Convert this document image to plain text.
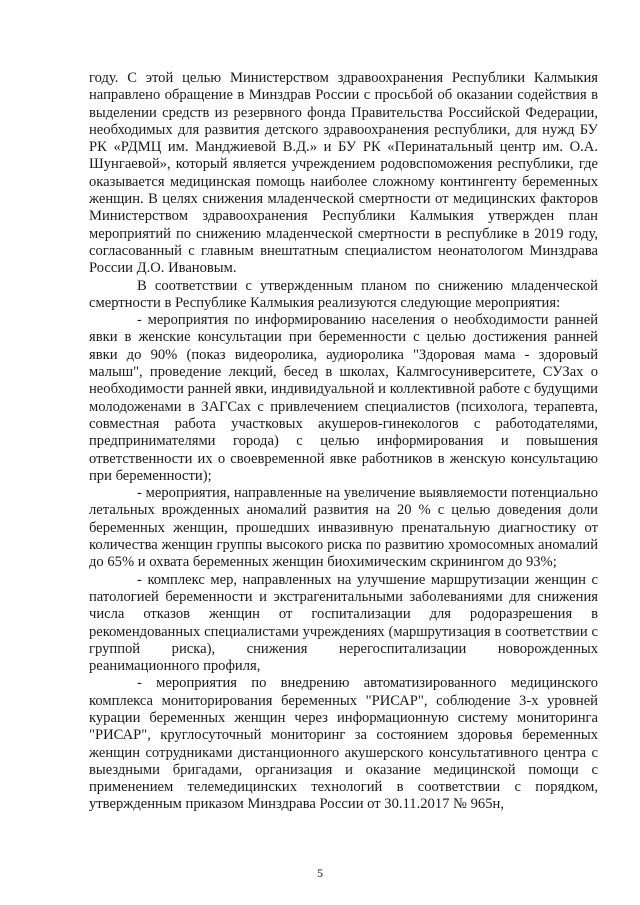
году. С этой целью Министерством здравоохранения Республики Калмыкия направлено обращение в Минздрав России с просьбой об оказании содействия в выделении средств из резервного фонда Правительства Российской Федерации, необходимых для развития детского здравоохранения республики, для нужд БУ РК «РДМЦ им. Манджиевой В.Д.» и БУ РК «Перинатальный центр им. О.А. Шунгаевой», который является учреждением родовспоможения республики, где оказывается медицинская помощь наиболее сложному контингенту беременных женщин. В целях снижения младенческой смертности от медицинских факторов Министерством здравоохранения Республики Калмыкия утвержден план мероприятий по снижению младенческой смертности в республике в 2019 году, согласованный с главным внештатным специалистом неонатологом Минздрава России Д.О. Ивановым.

В соответствии с утвержденным планом по снижению младенческой смертности в Республике Калмыкия реализуются следующие мероприятия:

- мероприятия по информированию населения о необходимости ранней явки в женские консультации при беременности с целью достижения ранней явки до 90% (показ видеоролика, аудиоролика "Здоровая мама - здоровый малыш", проведение лекций, бесед в школах, Калмгосуниверситете, СУЗах о необходимости ранней явки, индивидуальной и коллективной работе с будущими молодоженами в ЗАГСах с привлечением специалистов (психолога, терапевта, совместная работа участковых акушеров-гинекологов с работодателями, предпринимателями города) с целью информирования и повышения ответственности их о своевременной явке работников в женскую консультацию при беременности);

- мероприятия, направленные на увеличение выявляемости потенциально летальных врожденных аномалий развития на 20 % с целью доведения доли беременных женщин, прошедших инвазивную пренатальную диагностику от количества женщин группы высокого риска по развитию хромосомных аномалий до 65% и охвата беременных женщин биохимическим скринингом до 93%;

- комплекс мер, направленных на улучшение маршрутизации женщин с патологией беременности и экстрагенитальными заболеваниями для снижения числа отказов женщин от госпитализации для родоразрешения в рекомендованных специалистами учреждениях (маршрутизация в соответствии с группой риска), снижения нерегоспитализации новорожденных реанимационного профиля,

- мероприятия по внедрению автоматизированного медицинского комплекса мониторирования беременных "РИСАР", соблюдение 3-х уровней курации беременных женщин через информационную систему мониторинга "РИСАР", круглосуточный мониторинг за состоянием здоровья беременных женщин сотрудниками дистанционного акушерского консультативного центра с выездными бригадами, организация и оказание медицинской помощи с применением телемедицинских технологий в соответствии с порядком, утвержденным приказом Минздрава России от 30.11.2017 № 965н,

5
